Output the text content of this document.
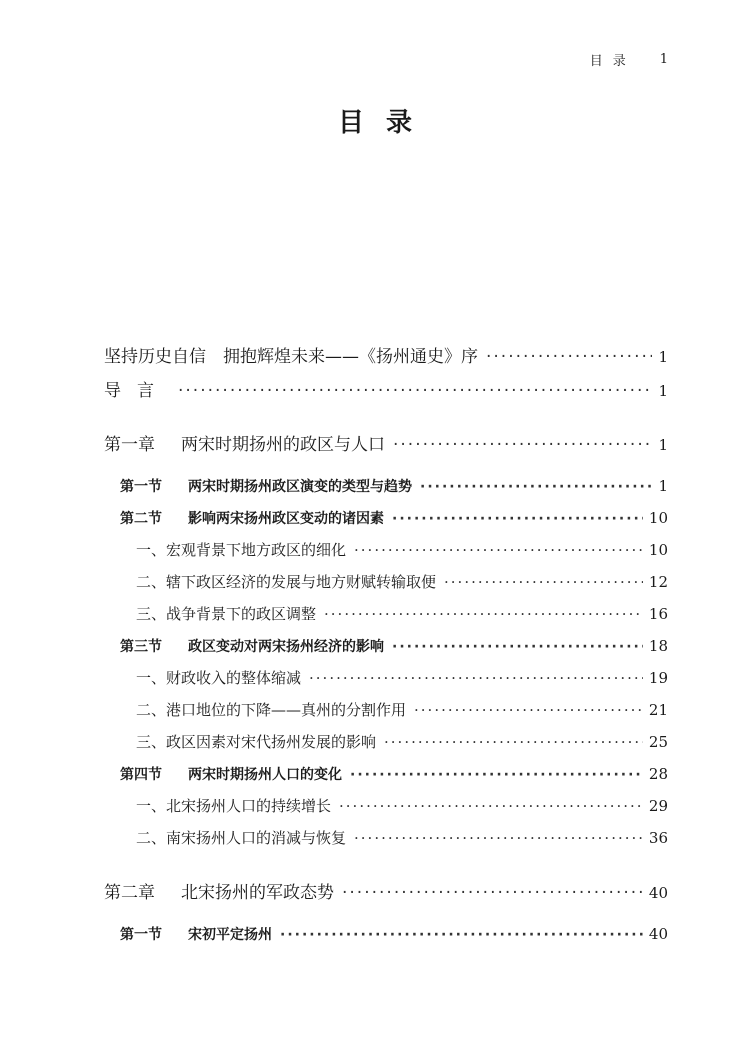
目录 1
目录
坚持历史自信　拥抱辉煌未来——《扬州通史》序 ·····	1
导言 ·····	1
第一章 两宋时期扬州的政区与人口 ·····	1
第一节 两宋时期扬州政区演变的类型与趋势 ·····	1
第二节 影响两宋扬州政区变动的诸因素 ·····	10
一、宏观背景下地方政区的细化 ·····	10
二、辖下政区经济的发展与地方财赋转输取便 ·····	12
三、战争背景下的政区调整 ·····	16
第三节 政区变动对两宋扬州经济的影响 ·····	18
一、财政收入的整体缩减 ·····	19
二、港口地位的下降——真州的分割作用 ·····	21
三、政区因素对宋代扬州发展的影响 ·····	25
第四节 两宋时期扬州人口的变化 ·····	28
一、北宋扬州人口的持续增长 ·····	29
二、南宋扬州人口的消减与恢复 ·····	36
第二章 北宋扬州的军政态势 ·····	40
第一节 宋初平定扬州 ·····	40
